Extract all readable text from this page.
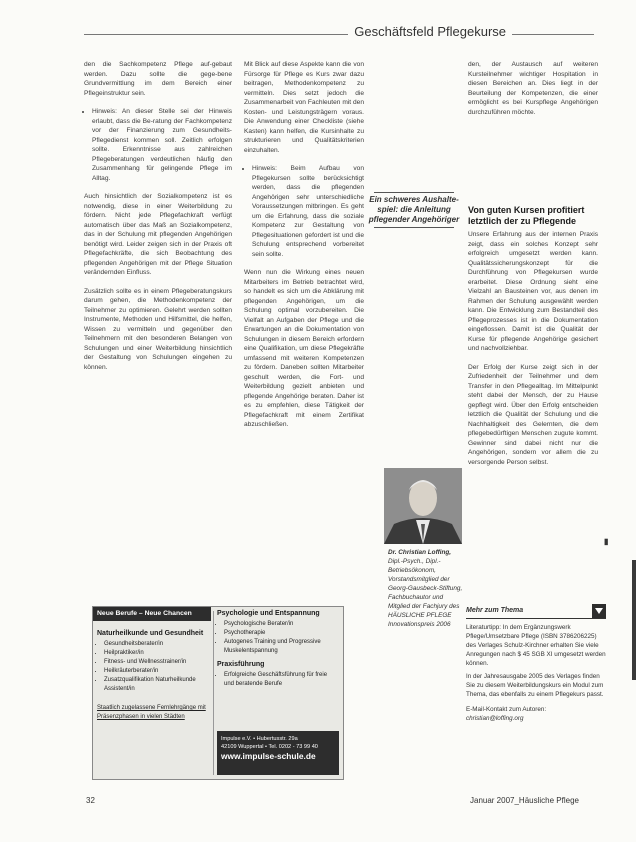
Geschäftsfeld Pflegekurse

den die Sachkompetenz Pflege auf-gebaut werden. Dazu sollte die gege-bene Grundvermittlung im dem Bereich einer Pflegeinstruktur sein.

• Hinweis: An dieser Stelle sei der Hinweis erlaubt, dass die Be-ratung der Fachkompetenz vor der Finanzierung zum Gesundheits-Pflegedienst kommen soll. Zeitlich erfolgen sollte. Erkenntnisse aus zahlreichen Pflegeberatungen verdeutlichen häufig den Zusammenhang für gelingende Pflege im Alltag.

Auch hinsichtlich der Sozialkompetenz ist es notwendig, diese in einer Weiterbildung zu fördern. Nicht jede Pflegefachkraft verfügt automatisch über das Maß an Sozialkompetenz, das in der Schulung mit pflegenden Angehörigen benötigt wird. Leider zeigen sich in der Praxis oft Pflegefachkräfte, die sich Beobachtung des pflegenden Angehörigen mit der Pflege Situation verändernden Einfluss.

Zusätzlich sollte es in einem Pflegeberatungskurs darum gehen, die Methodenkompetenz der Teilnehmer zu optimieren. Gelehrt werden sollten Instrumente, Methoden und Hilfsmittel, die helfen, Wissen zu vermitteln und gegenüber den Teilnehmern mit den besonderen Belangen von Schulungen und einer Weiterbildung hinsichtlich der Gestaltung von Schulungen eingehen zu können.

Mit Blick auf diese Aspekte kann die von Fürsorge für Pflege es Kurs zwar dazu beitragen, Methodenkompetenz zu vermitteln. Dies setzt jedoch die Zusammenarbeit von Fachleuten mit den Kosten- und Leistungsträgern voraus. Die Anwendung einer Checkliste (siehe Kasten) kann helfen, die Kursinhalte zu strukturieren und Qualitätskriterien einzuhalten.

• Hinweis: Beim Aufbau von Pflegekursen sollte berücksichtigt werden, dass die pflegenden Angehörigen sehr unterschiedliche Voraussetzungen mitbringen. Es geht um die Erfahrung, dass die soziale Kompetenz zur Gestaltung von Pflegesituationen gefordert ist und die Schulung entsprechend vorbereitet sein sollte.

Wenn nun die Wirkung eines neuen Mitarbeiters im Betrieb betrachtet wird, so handelt es sich um die Abklärung mit pflegenden Angehörigen, um die Schulung optimal vorzubereiten. Die Vielfalt an Aufgaben der Pflege und die Erwartungen an die Dokumentation von Schulungen in diesem Bereich erfordern eine Qualifikation, um diese Pflegekräfte umfassend mit weiteren Kompetenzen zu fördern. Daneben sollten Mitarbeiter geschult werden, die Fort- und Weiterbildung gezielt anbieten und pflegende Angehörige beraten. Daher ist es zu empfehlen, diese Tätigkeit der Pflegefachkraft mit einem Zertifikat abzuschließen.

Ein schweres Aushalte-spiel: die Anleitung pflegender Angehöriger

den, der Austausch auf weiteren Kursteilnehmer wichtiger Hospitation in diesen Bereichen an. Dies liegt in der Beurteilung der Kompetenzen, die einer ermöglicht es bei Kurspflege Angehörigen durchzuführen möchte.

Von guten Kursen profitiert letztlich der zu Pflegende

Unsere Erfahrung aus der internen Praxis zeigt, dass ein solches Konzept sehr erfolgreich umgesetzt werden kann. Qualitätssicherungskonzept für die Durchführung von Pflegekursen wurde erarbeitet. Diese Ordnung sieht eine Vielzahl an Bausteinen vor, aus denen im Rahmen der Schulung ausgewählt werden kann. Die Entwicklung zum Bestandteil des Pflegeprozesses ist in die Dokumentation eingeflossen. Damit ist die Qualität der Kurse für pflegende Angehörige gesichert und nachvollziehbar.

Der Erfolg der Kurse zeigt sich in der Zufriedenheit der Teilnehmer und dem Transfer in den Pflegealltag. Im Mittelpunkt steht dabei der Mensch, der zu Hause gepflegt wird. Über den Erfolg entscheiden letztlich die Qualität der Schulung und die Nachhaltigkeit des Gelernten, die dem pflegebedürftigen Menschen zugute kommt. Gewinner sind dabei nicht nur die Angehörigen, sondern vor allem die zu versorgende Person selbst.

Dr. Christian Loffing, Dipl.-Psych., Dipl.-Betriebsökonom, Vorstandsmitglied der Georg-Gausbeck-Stiftung, Fachbuchautor und Mitglied der Fachjury des HÄUSLICHE PFLEGE Innovationspreis 2006
Neue Berufe – Neue Chancen
Naturheilkunde und Gesundheit
• Gesundheitsberater/in
• Heilpraktiker/in
• Fitness- und Wellnesstrainer/in
• Heilkräuterberater/in
• Zusatzqualifikation Naturheilkunde Assistent/in
Staatlich zugelassene Fernlehrgänge mit Präsenzphasen in vielen Städten
Psychologie und Entspannung
• Psychologische Berater/in
• Psychotherapie
• Autogenes Training und Progressive Muskelentspannung
Praxisführung
• Erfolgreiche Geschäftsführung für freie und beratende Berufe
Impulse e.V. • Hubertusstr. 29a
42109 Wuppertal • Tel. 0202 - 73 99 40
www.impulse-schule.de
Mehr zum Thema

Literaturtipp: In dem Ergänzungswerk Pflege/Umsetzbare Pflege (ISBN 3786206225) des Verlages Schulz-Kirchner erhalten Sie viele Anregungen nach $ 45 SGB XI umgesetzt werden können.

In der Jahresausgabe 2005 des Verlages finden Sie zu diesem Weiterbildungskurs ein Modul zum Thema, das ebenfalls zu einem Pflegekurs passt.

E-Mail-Kontakt zum Autoren:
christian@loffing.org
▮
32	Januar 2007_Häusliche Pflege
